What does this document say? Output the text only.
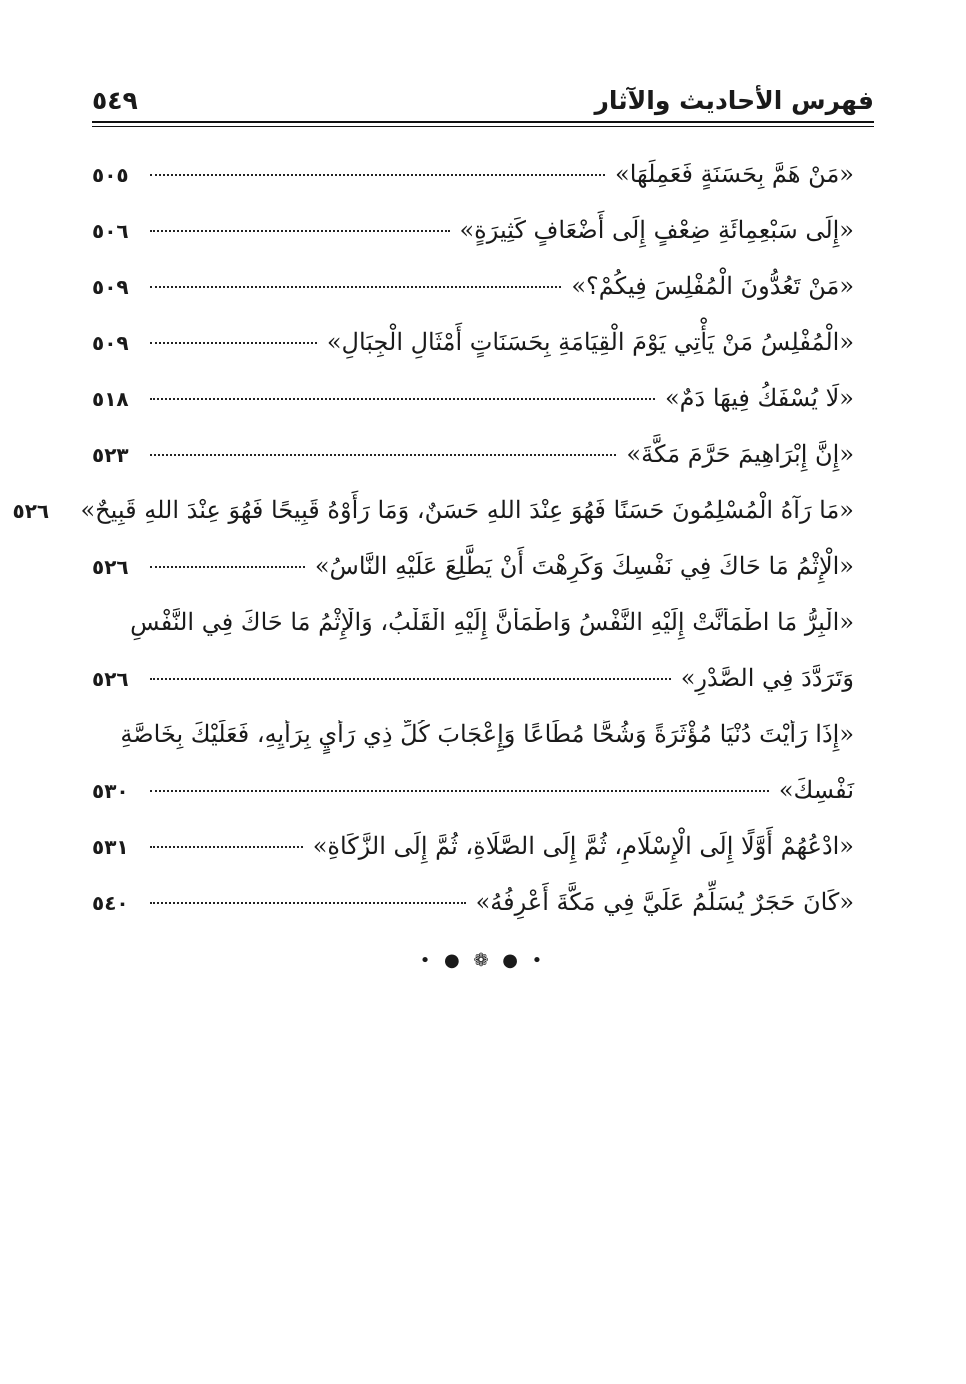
فهرس الأحاديث والآثار
٥٤٩
«مَنْ هَمَّ بِحَسَنَةٍ فَعَمِلَهَا»
٥٠٥
«إِلَى سَبْعِمِائَةِ ضِعْفٍ إِلَى أَضْعَافٍ كَثِيرَةٍ»
٥٠٦
«مَنْ تَعُدُّونَ الْمُفْلِسَ فِيكُمْ؟»
٥٠٩
«الْمُفْلِسُ مَنْ يَأْتِي يَوْمَ الْقِيَامَةِ بِحَسَنَاتٍ أَمْثَالِ الْجِبَالِ»
٥٠٩
«لَا يُسْفَكُ فِيهَا دَمٌ»
٥١٨
«إِنَّ إِبْرَاهِيمَ حَرَّمَ مَكَّةَ»
٥٢٣
«مَا رَآهُ الْمُسْلِمُونَ حَسَنًا فَهُوَ عِنْدَ اللهِ حَسَنٌ، وَمَا رَأَوْهُ قَبِيحًا فَهُوَ عِنْدَ اللهِ قَبِيحٌ»
٥٢٦
«الْإِثْمُ مَا حَاكَ فِي نَفْسِكَ وَكَرِهْتَ أَنْ يَطَّلِعَ عَلَيْهِ النَّاسُ»
٥٢٦
«الْبِرُّ مَا اطْمَأَنَّتْ إِلَيْهِ النَّفْسُ وَاطْمَأَنَّ إِلَيْهِ الْقَلْبُ، وَالْإِثْمُ مَا حَاكَ فِي النَّفْسِ
وَتَرَدَّدَ فِي الصَّدْرِ»
٥٢٦
«إِذَا رَأَيْتَ دُنْيَا مُؤْثَرَةً وَشُحًّا مُطَاعًا وَإِعْجَابَ كُلِّ ذِي رَأْيٍ بِرَأْيِهِ، فَعَلَيْكَ بِخَاصَّةِ
نَفْسِكَ»
٥٣٠
«ادْعُهُمْ أَوَّلًا إِلَى الْإِسْلَامِ، ثُمَّ إِلَى الصَّلَاةِ، ثُمَّ إِلَى الزَّكَاةِ»
٥٣١
«كَانَ حَجَرٌ يُسَلِّمُ عَلَيَّ فِي مَكَّةَ أَعْرِفُهُ»
٥٤٠
• ● ❁ ● •
